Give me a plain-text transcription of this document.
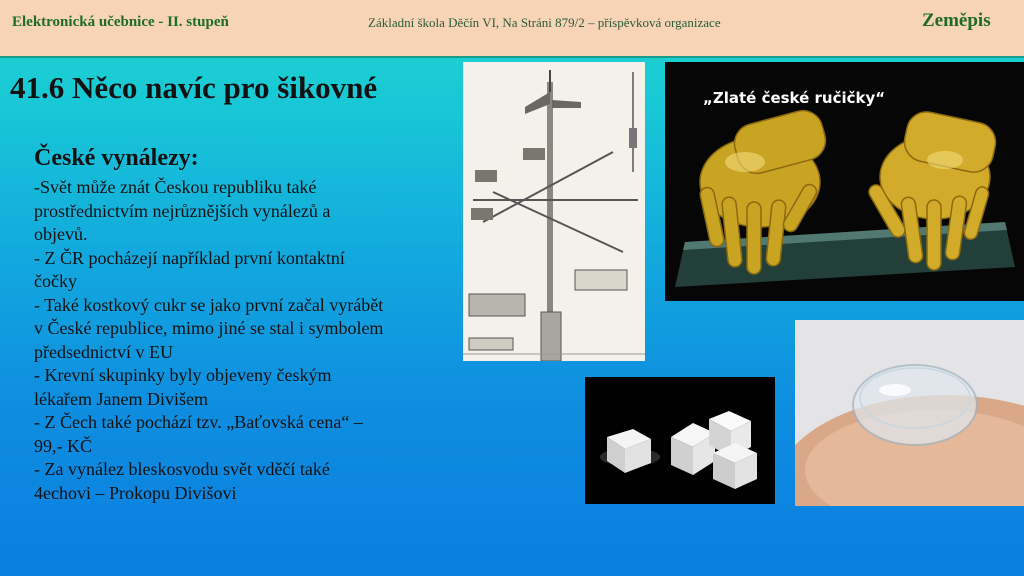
Elektronická učebnice - II. stupeň	Základní škola Děčín VI, Na Stráni 879/2 – příspěvková organizace	Zeměpis
41.6 Něco navíc pro šikovné
České vynálezy:
-Svět může znát Českou republiku také
prostřednictvím nejrůznějších vynálezů a
objevů.
- Z ČR pocházejí například první kontaktní
čočky
- Také kostkový cukr se jako první začal vyrábět
v České republice, mimo jiné se stal i symbolem
předsednictví v EU
- Krevní skupinky byly objeveny českým
lékařem Janem Divišem
- Z Čech také pochází tzv. „Baťovská cena“ –
99,- KČ
- Za vynález bleskosvodu svět vděčí také
4echovi – Prokopu Divišovi
„Zlaté české ručičky“
